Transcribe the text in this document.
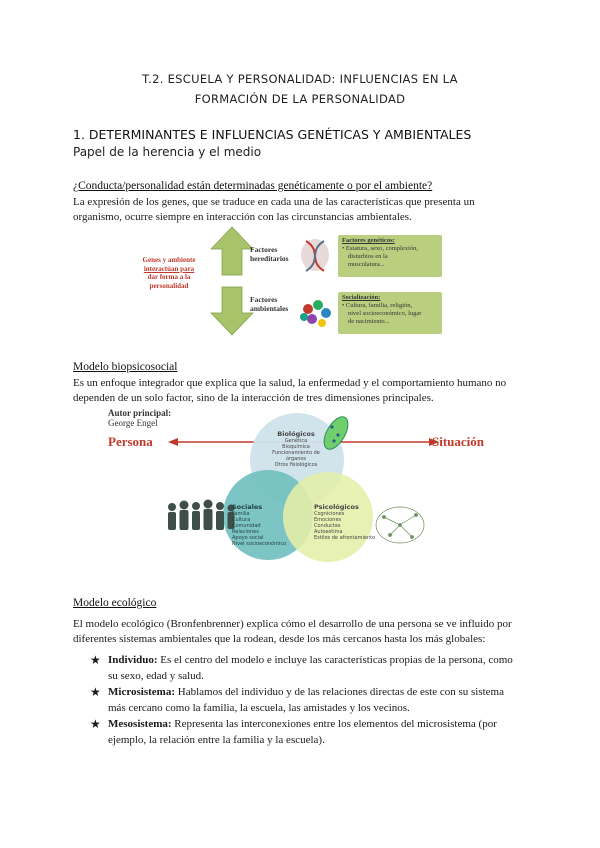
T.2. ESCUELA Y PERSONALIDAD: INFLUENCIAS EN LA
FORMACIÓN DE LA PERSONALIDAD
1. DETERMINANTES E INFLUENCIAS GENÉTICAS Y AMBIENTALES
Papel de la herencia y el medio
¿Conducta/personalidad están determinadas genéticamente o por el ambiente?
La expresión de los genes, que se traduce en cada una de las características que presenta un
organismo, ocurre siempre en interacción con las circunstancias ambientales.
Genes y ambiente
interactúan para
dar forma a la
personalidad
Factores
hereditarios
Factores
ambientales
Factores genéticos:
• Estatura, sexo, complexión,
disturbios en la
musculatura...
Socialización:
• Cultura, familia, religión,
nivel socioeconómico, lugar
de nacimiento...
Modelo biopsicosocial
Es un enfoque integrador que explica que la salud, la enfermedad y el comportamiento humano no
dependen de un solo factor, sino de la interacción de tres dimensiones principales.
Autor principal:
George Engel
Persona	Situación
Biológicos
Genética
Bioquímica
Funcionamiento de
órganos
Otros fisiológicos
Sociales
Familia
Cultura
Comunidad
Relaciones
Apoyo social
Nivel socioeconómico
Psicológicos
Cogniciones
Emociones
Conductas
Autoestima
Estilos de afrontamiento
Modelo ecológico
El modelo ecológico (Bronfenbrenner) explica cómo el desarrollo de una persona se ve influido por
diferentes sistemas ambientales que la rodean, desde los más cercanos hasta los más globales:
★ Individuo: Es el centro del modelo e incluye las características propias de la persona, como
su sexo, edad y salud.
★ Microsistema: Hablamos del individuo y de las relaciones directas de este con su sistema
más cercano como la familia, la escuela, las amistades y los vecinos.
★ Mesosistema: Representa las interconexiones entre los elementos del microsistema (por
ejemplo, la relación entre la familia y la escuela).
